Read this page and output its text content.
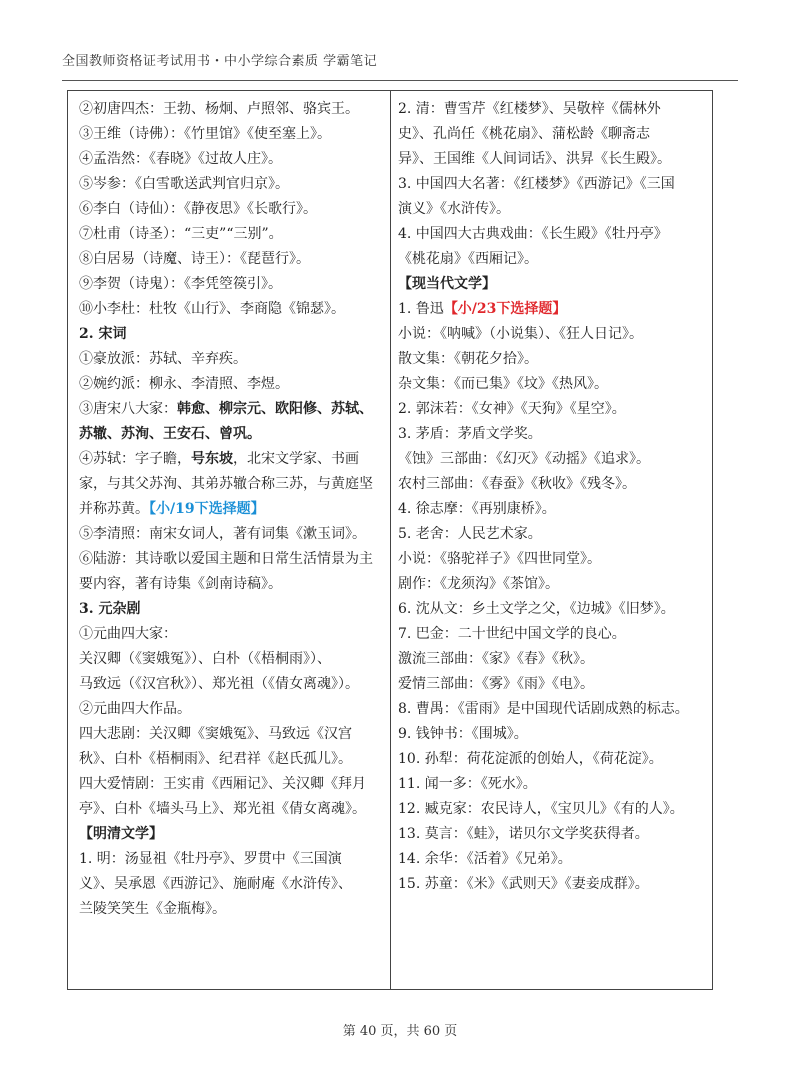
全国教师资格证考试用书・中小学综合素质 学霸笔记
②初唐四杰：王勃、杨炯、卢照邻、骆宾王。
③王维（诗佛）：《竹里馆》《使至塞上》。
④孟浩然：《春晓》《过故人庄》。
⑤岑参：《白雪歌送武判官归京》。
⑥李白（诗仙）：《静夜思》《长歌行》。
⑦杜甫（诗圣）：“三吏”“三别”。
⑧白居易（诗魔、诗王）：《琵琶行》。
⑨李贺（诗鬼）：《李凭箜篌引》。
⑩小李杜：杜牧《山行》、李商隐《锦瑟》。
2. 宋词
①豪放派：苏轼、辛弃疾。
②婉约派：柳永、李清照、李煜。
③唐宋八大家：韩愈、柳宗元、欧阳修、苏轼、
苏辙、苏洵、王安石、曾巩。
④苏轼：字子瞻，号东坡，北宋文学家、书画
家，与其父苏洵、其弟苏辙合称三苏，与黄庭坚
并称苏黄。【小/19下选择题】
⑤李清照：南宋女词人，著有词集《漱玉词》。
⑥陆游：其诗歌以爱国主题和日常生活情景为主
要内容，著有诗集《剑南诗稿》。
3. 元杂剧
①元曲四大家：
关汉卿（《窦娥冤》）、白朴（《梧桐雨》）、
马致远（《汉宫秋》）、郑光祖（《倩女离魂》）。
②元曲四大作品。
四大悲剧：关汉卿《窦娥冤》、马致远《汉宫
秋》、白朴《梧桐雨》、纪君祥《赵氏孤儿》。
四大爱情剧：王实甫《西厢记》、关汉卿《拜月
亭》、白朴《墙头马上》、郑光祖《倩女离魂》。
【明清文学】
1. 明：汤显祖《牡丹亭》、罗贯中《三国演
义》、吴承恩《西游记》、施耐庵《水浒传》、
兰陵笑笑生《金瓶梅》。
2. 清：曹雪芹《红楼梦》、吴敬梓《儒林外
史》、孔尚任《桃花扇》、蒲松龄《聊斋志
异》、王国维《人间词话》、洪昇《长生殿》。
3. 中国四大名著：《红楼梦》《西游记》《三国
演义》《水浒传》。
4. 中国四大古典戏曲：《长生殿》《牡丹亭》
《桃花扇》《西厢记》。
【现当代文学】
1. 鲁迅【小/23下选择题】
小说：《呐喊》（小说集）、《狂人日记》。
散文集：《朝花夕拾》。
杂文集：《而已集》《坟》《热风》。
2. 郭沫若：《女神》《天狗》《星空》。
3. 茅盾：茅盾文学奖。
《蚀》三部曲：《幻灭》《动摇》《追求》。
农村三部曲：《春蚕》《秋收》《残冬》。
4. 徐志摩：《再别康桥》。
5. 老舍：人民艺术家。
小说：《骆驼祥子》《四世同堂》。
剧作：《龙须沟》《茶馆》。
6. 沈从文：乡土文学之父，《边城》《旧梦》。
7. 巴金：二十世纪中国文学的良心。
激流三部曲：《家》《春》《秋》。
爱情三部曲：《雾》《雨》《电》。
8. 曹禺：《雷雨》是中国现代话剧成熟的标志。
9. 钱钟书：《围城》。
10. 孙犁：荷花淀派的创始人，《荷花淀》。
11. 闻一多：《死水》。
12. 臧克家：农民诗人，《宝贝儿》《有的人》。
13. 莫言：《蛙》，诺贝尔文学奖获得者。
14. 余华：《活着》《兄弟》。
15. 苏童：《米》《武则天》《妻妾成群》。
第 40 页，共 60 页
